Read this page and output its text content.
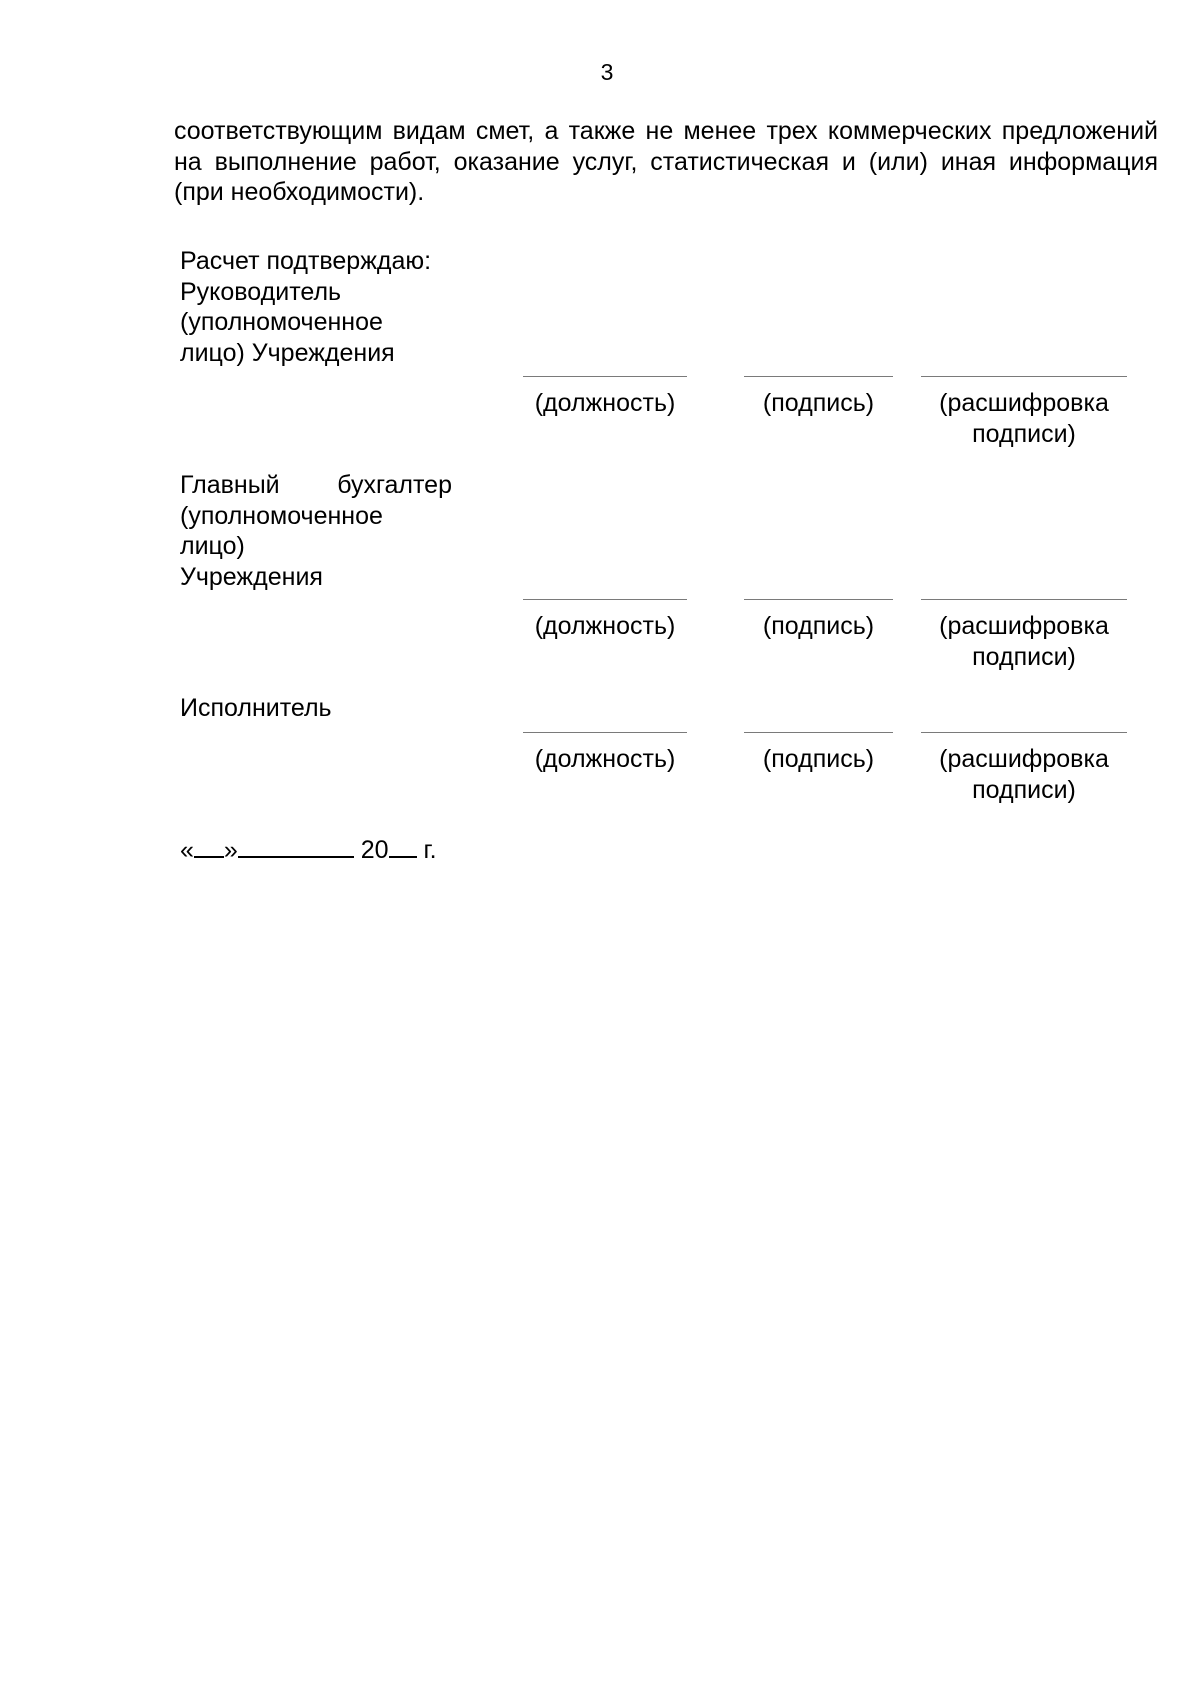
3

соответствующим видам смет, а также не менее трех коммерческих предложений на выполнение работ, оказание услуг, статистическая и (или) иная информация (при необходимости).

Расчет подтверждаю:
Руководитель
(уполномоченное
лицо) Учреждения
(должность)	(подпись)	(расшифровка
подписи)
Главный бухгалтер
(уполномоченное
лицо)
Учреждения
(должность)	(подпись)	(расшифровка
подписи)
Исполнитель
(должность)	(подпись)	(расшифровка
подписи)
« »	20 г.
